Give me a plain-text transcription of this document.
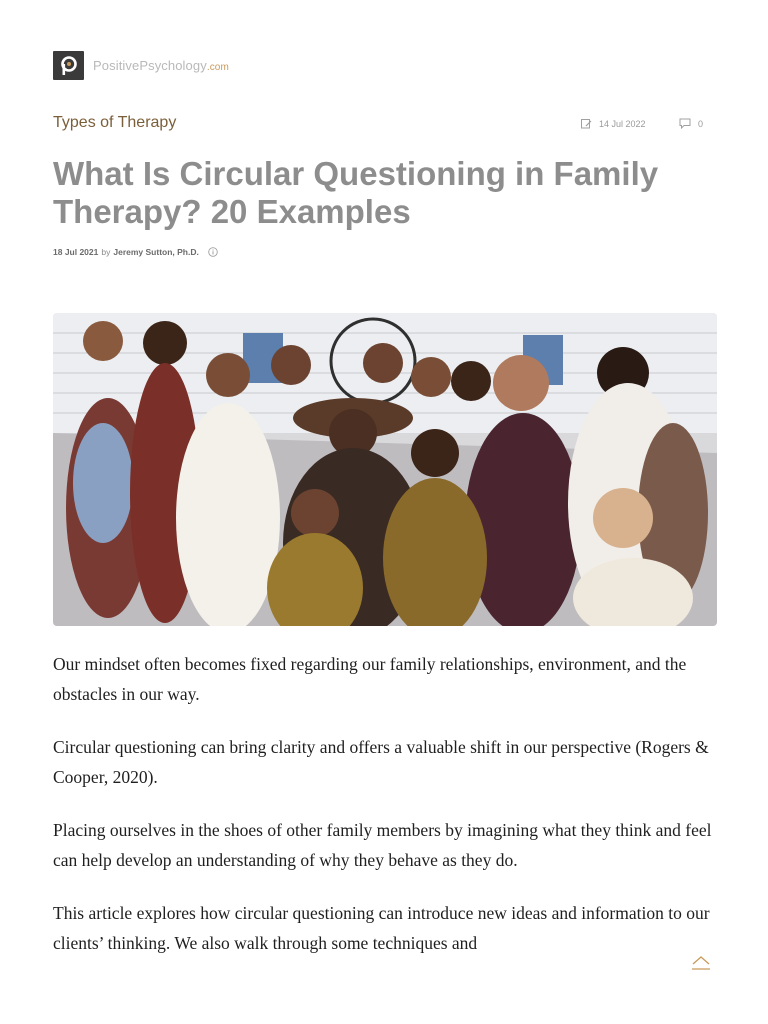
PositivePsychology.com
Types of Therapy	14 Jul 2022	0
What Is Circular Questioning in Family Therapy? 20 Examples
18 Jul 2021 by Jeremy Sutton, Ph.D.

Our mindset often becomes fixed regarding our family relationships, environment, and the obstacles in our way.

Circular questioning can bring clarity and offers a valuable shift in our perspective (Rogers & Cooper, 2020).

Placing ourselves in the shoes of other family members by imagining what they think and feel can help develop an understanding of why they behave as they do.

This article explores how circular questioning can introduce new ideas and information to our clients’ thinking. We also walk through some techniques and
